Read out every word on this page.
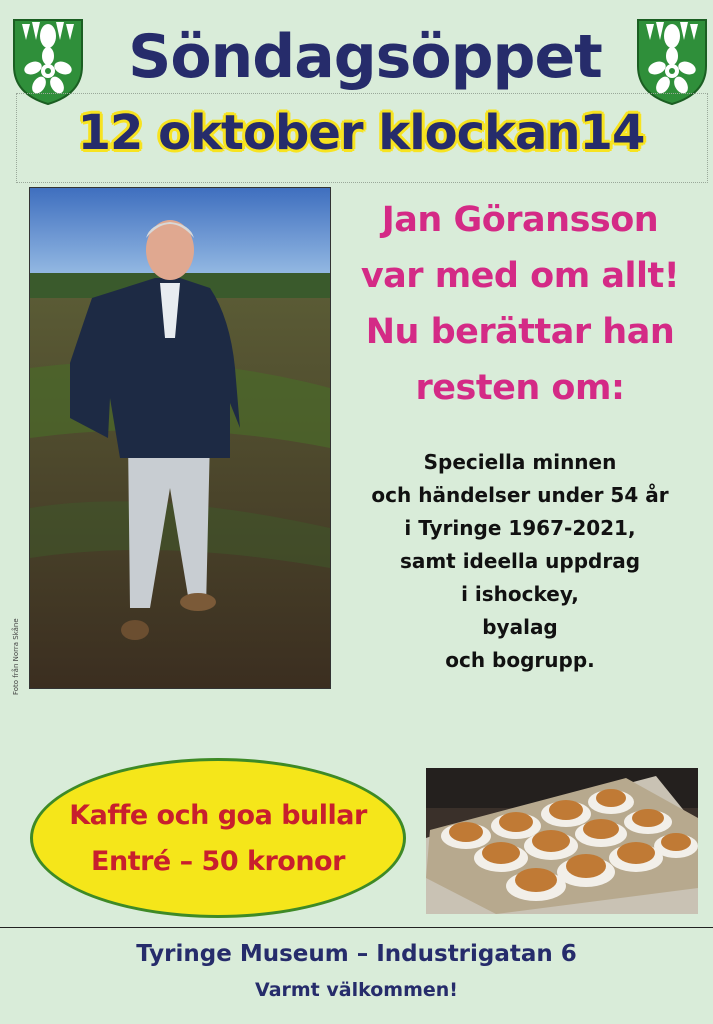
Söndagsöppet
12 oktober klockan14
Foto från Norra Skåne
Jan Göransson
var med om allt!
Nu berättar han
resten om:
Speciella minnen
och händelser under 54 år
i Tyringe 1967-2021,
samt ideella uppdrag
i ishockey,
byalag
och bogrupp.
Kaffe och goa bullar
Entré – 50 kronor
Tyringe Museum – Industrigatan 6
Varmt välkommen!
